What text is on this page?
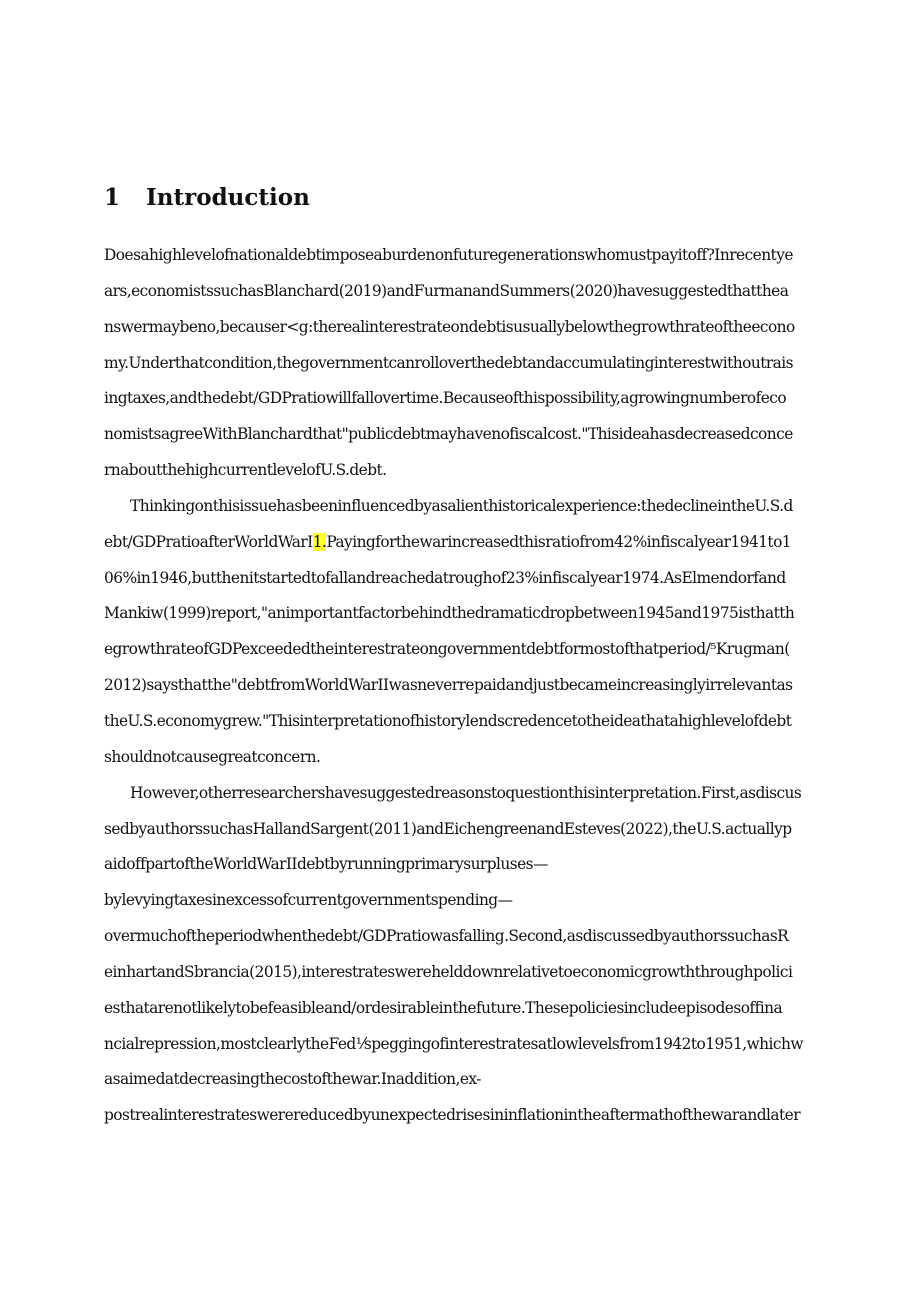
1 Introduction
Doesahighlevelofnationaldebtimposeaburdenonfuturegenerationswhomustpayitoff?Inrecentye
ars,economistssuchasBlanchard(2019)andFurmanandSummers(2020)havesuggestedthatthea
nswermaybeno,becauser<g:therealinterestrateondebtisusuallybelowthegrowthrateoftheecono
my.Underthatcondition,thegovernmentcanrolloverthedebtandaccumulatinginterestwithoutrais
ingtaxes,andthedebt/GDPratiowillfallovertime.Becauseofthispossibility,agrowingnumberofeco
nomistsagreeWithBlanchardthat"publicdebtmayhavenofiscalcost."Thisideahasdecreasedconce
rnaboutthehighcurrentlevelofU.S.debt.
Thinkingonthisissuehasbeeninfluencedbyasalienthistoricalexperience:thedeclineintheU.S.d
ebt/GDPratioafterWorldWarI1.Payingforthewarincreasedthisratiofrom42%infiscalyear1941to1
06%in1946,butthenitstartedtofallandreachedatroughof23%infiscalyear1974.AsElmendorfand
Mankiw(1999)report,"animportantfactorbehindthedramaticdropbetween1945and1975isthatth
egrowthrateofGDPexceededtheinterestrateongovernmentdebtformostofthatperiod/⁵Krugman(
2012)saysthatthe"debtfromWorldWarIIwasneverrepaidandjustbecameincreasinglyirrelevantas
theU.S.economygrew."Thisinterpretationofhistorylendscredencetotheideathatahighlevelofdebt
shouldnotcausegreatconcern.
However,otherresearchershavesuggestedreasonstoquestionthisinterpretation.First,asdiscus
sedbyauthorssuchasHallandSargent(2011)andEichengreenandEsteves(2022),theU.S.actuallyp
aidoffpartoftheWorldWarIIdebtbyrunningprimarysurpluses—
bylevyingtaxesinexcessofcurrentgovernmentspending—
overmuchoftheperiodwhenthedebt/GDPratiowasfalling.Second,asdiscussedbyauthorssuchasR
einhartandSbrancia(2015),interestrateswereheldd​ownrelativetoeconomicgrowththroughpolici
esthatarenotlikelytobefeasibleand/ordesirableinthefuture.Thesepoliciesincludeepisodesoffina
ncialrepression,mostclearlytheFed⅟speggingofinterestratesatlowlevelsfrom1942to1951,whichw
asaimedatdecreasingthecostofthewar.Inaddition,ex-
postrealinterestrateswerereducedbyunexpectedrisesininflationintheaftermathofthewarandlater
